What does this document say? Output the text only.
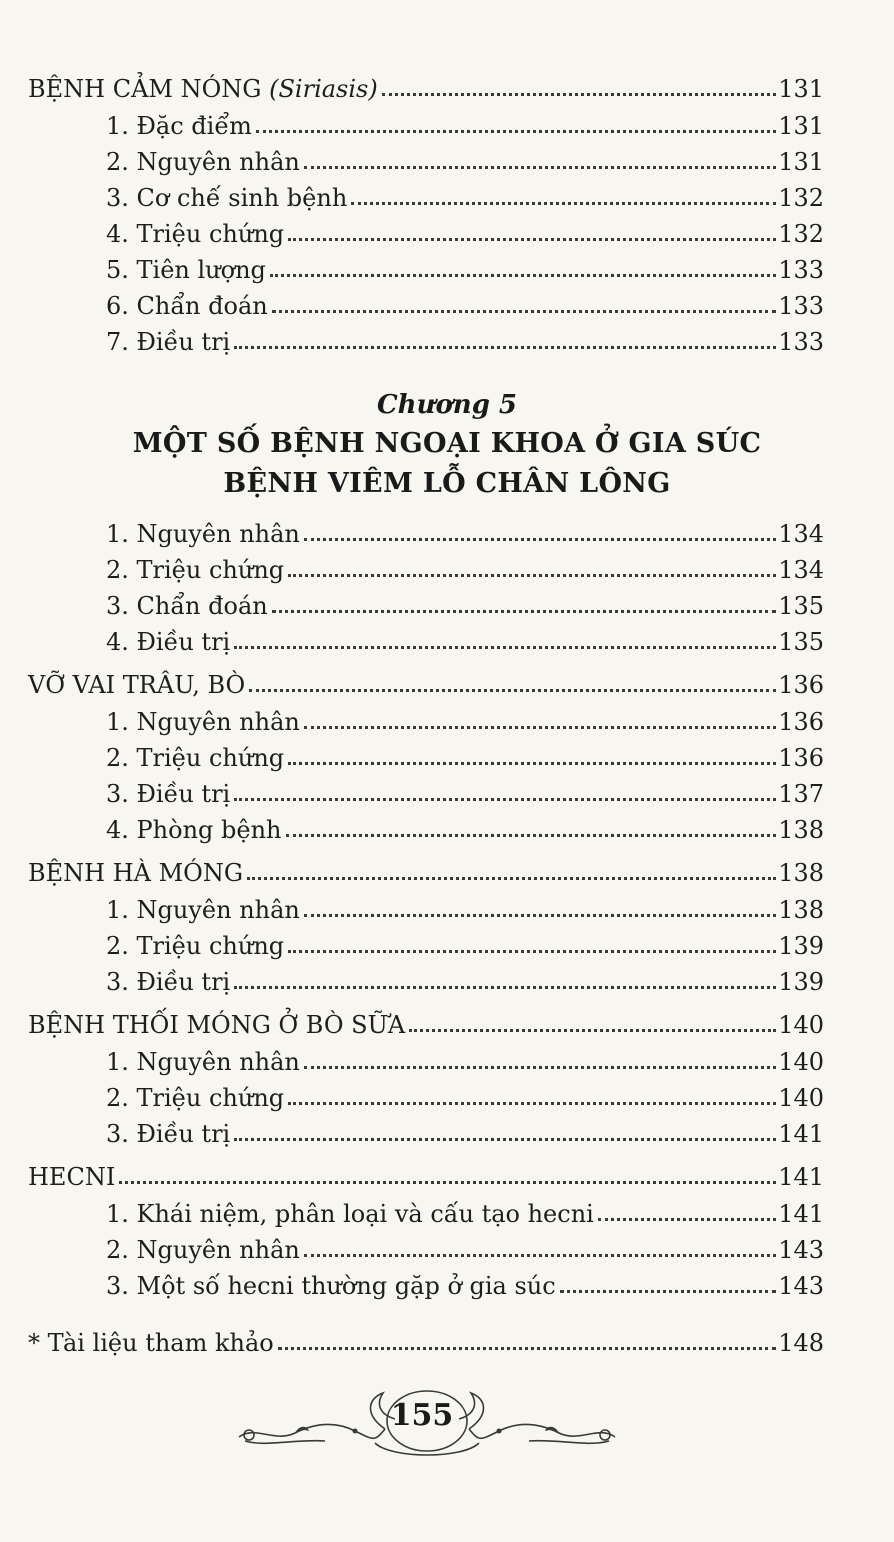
BỆNH CẢM NÓNG (Siriasis)	131
1. Đặc điểm	131
2. Nguyên nhân	131
3. Cơ chế sinh bệnh	132
4. Triệu chứng	132
5. Tiên lượng	133
6. Chẩn đoán	133
7. Điều trị	133
Chương 5
MỘT SỐ BỆNH NGOẠI KHOA Ở GIA SÚC
BỆNH VIÊM LỖ CHÂN LÔNG
1. Nguyên nhân	134
2. Triệu chứng	134
3. Chẩn đoán	135
4. Điều trị	135
VỠ VAI TRÂU, BÒ	136
1. Nguyên nhân	136
2. Triệu chứng	136
3. Điều trị	137
4. Phòng bệnh	138
BỆNH HÀ MÓNG	138
1. Nguyên nhân	138
2. Triệu chứng	139
3. Điều trị	139
BỆNH THỐI MÓNG Ở BÒ SỮA	140
1. Nguyên nhân	140
2. Triệu chứng	140
3. Điều trị	141
HECNI	141
1. Khái niệm, phân loại và cấu tạo hecni	141
2. Nguyên nhân	143
3. Một số hecni thường gặp ở gia súc	143
* Tài liệu tham khảo	148
155
